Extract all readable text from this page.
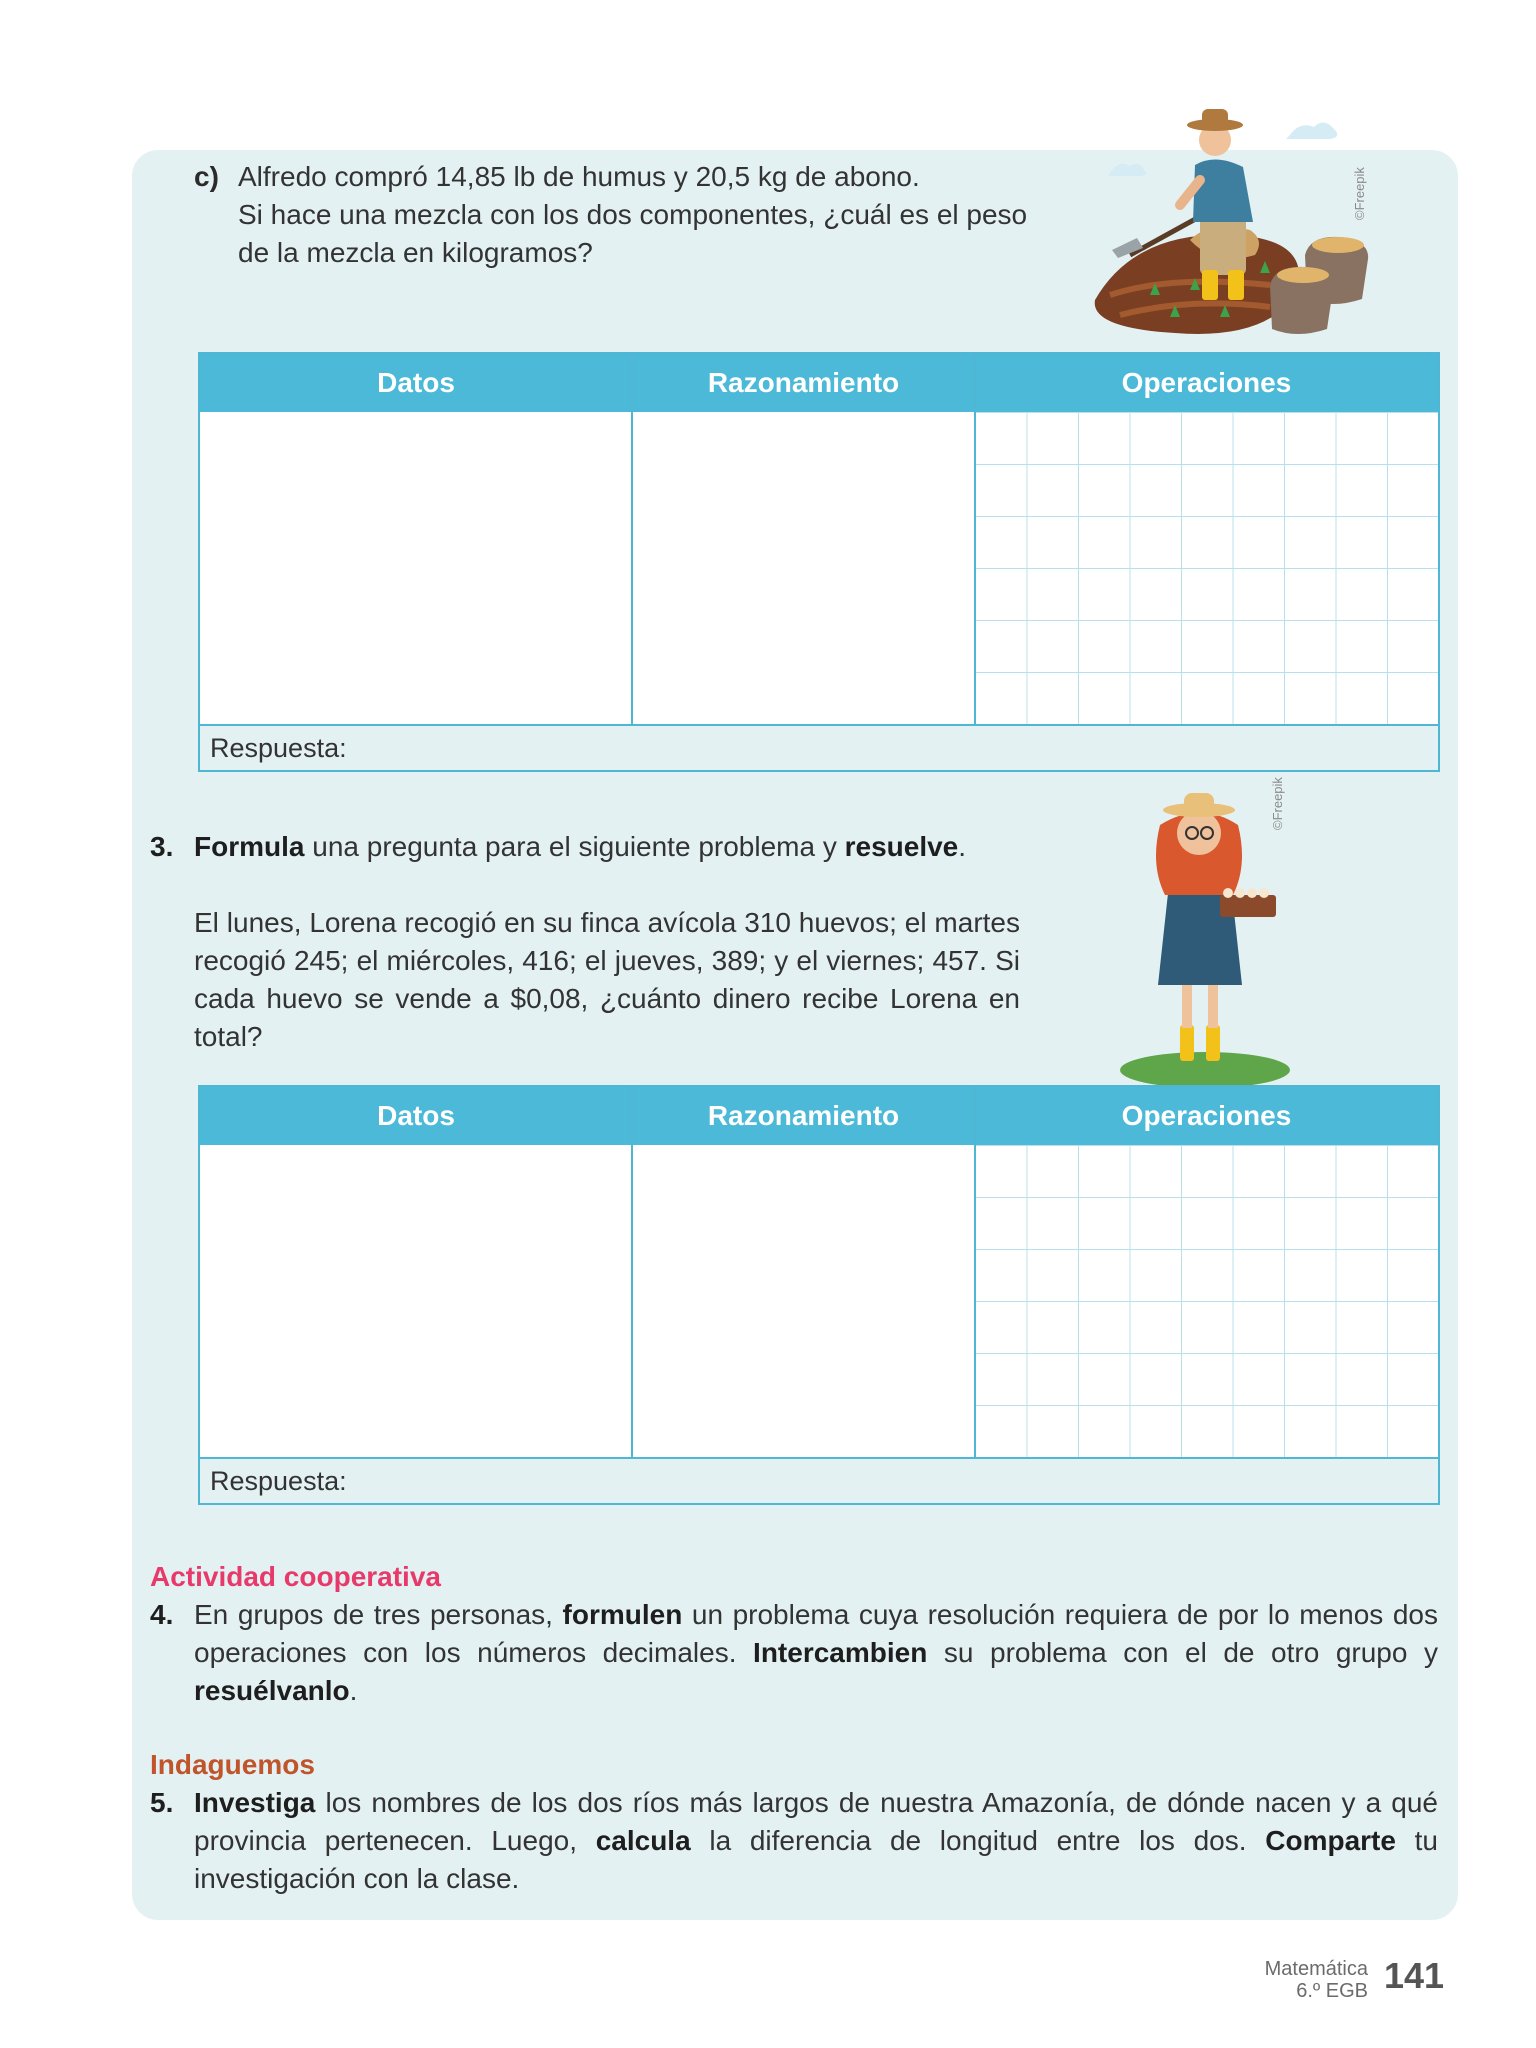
c) Alfredo compró 14,85 lb de humus y 20,5 kg de abono.
Si hace una mezcla con los dos componentes, ¿cuál es el peso
de la mezcla en kilogramos?
©Freepik
Datos	Razonamiento	Operaciones
Respuesta:
3. Formula una pregunta para el siguiente problema y resuelve.
El lunes, Lorena recogió en su finca avícola 310 huevos; el martes recogió 245; el miércoles, 416; el jueves, 389; y el viernes; 457. Si cada huevo se vende a $0,08, ¿cuánto dinero recibe Lorena en total?
©Freepik
Datos	Razonamiento	Operaciones
Respuesta:
Actividad cooperativa
4. En grupos de tres personas, formulen un problema cuya resolución requiera de por lo menos dos operaciones con los números decimales. Intercambien su problema con el de otro grupo y resuélvanlo.
Indaguemos
5. Investiga los nombres de los dos ríos más largos de nuestra Amazonía, de dónde nacen y a qué provincia pertenecen. Luego, calcula la diferencia de longitud entre los dos. Comparte tu investigación con la clase.
Matemática
6.º EGB 141
